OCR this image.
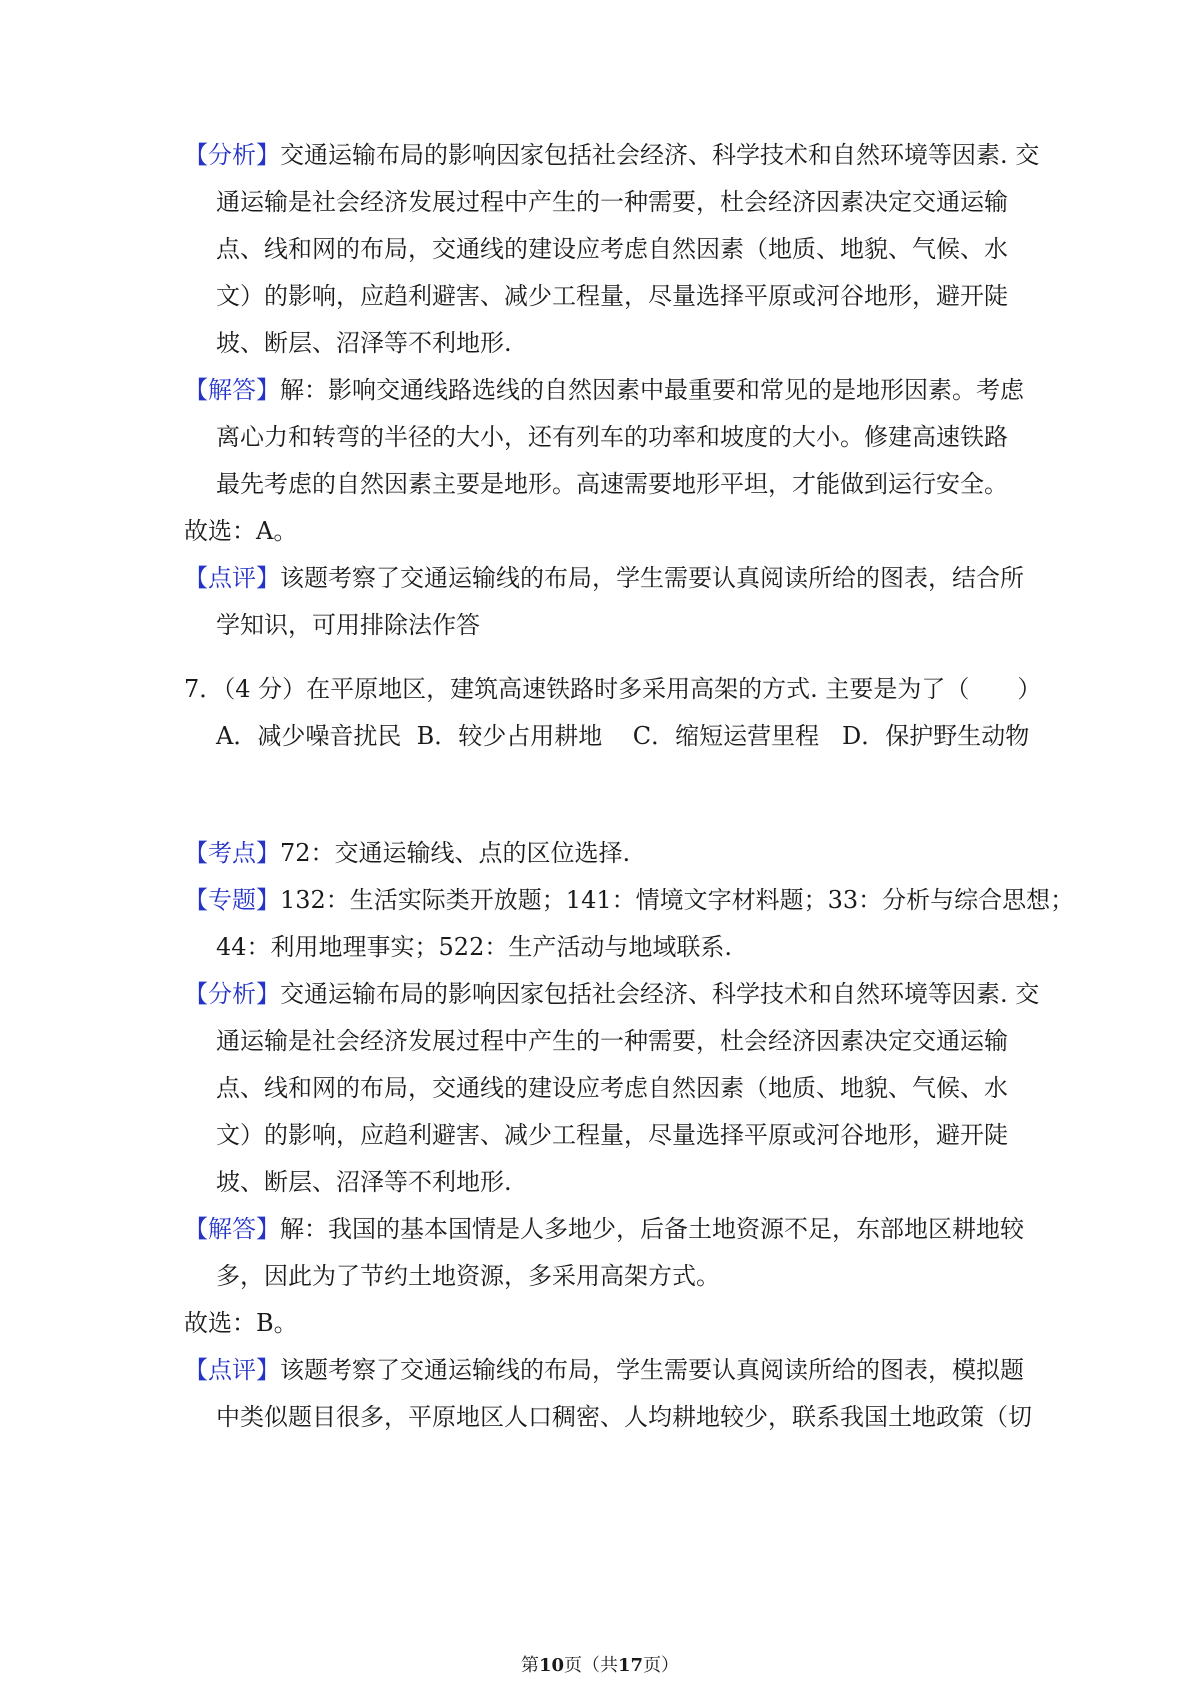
【分析】交通运输布局的影响因家包括社会经济、科学技术和自然环境等因素. 交
通运输是社会经济发展过程中产生的一种需要，杜会经济因素决定交通运输
点、线和网的布局，交通线的建设应考虑自然因素（地质、地貌、气候、水
文）的影响，应趋利避害、减少工程量，尽量选择平原或河谷地形，避开陡
坡、断层、沼泽等不利地形.
【解答】解：影响交通线路选线的自然因素中最重要和常见的是地形因素。考虑
离心力和转弯的半径的大小，还有列车的功率和坡度的大小。修建高速铁路
最先考虑的自然因素主要是地形。高速需要地形平坦，才能做到运行安全。
故选：A。
【点评】该题考察了交通运输线的布局，学生需要认真阅读所给的图表，结合所
学知识，可用排除法作答
7．（4 分）在平原地区，建筑高速铁路时多采用高架的方式. 主要是为了（　　）
A．减少噪音扰民  B．较少占用耕地    C．缩短运营里程   D．保护野生动物
【考点】72：交通运输线、点的区位选择.
【专题】132：生活实际类开放题；141：情境文字材料题；33：分析与综合思想；
44：利用地理事实；522：生产活动与地域联系.
【分析】交通运输布局的影响因家包括社会经济、科学技术和自然环境等因素. 交
通运输是社会经济发展过程中产生的一种需要，杜会经济因素决定交通运输
点、线和网的布局，交通线的建设应考虑自然因素（地质、地貌、气候、水
文）的影响，应趋利避害、减少工程量，尽量选择平原或河谷地形，避开陡
坡、断层、沼泽等不利地形.
【解答】解：我国的基本国情是人多地少，后备土地资源不足，东部地区耕地较
多，因此为了节约土地资源，多采用高架方式。
故选：B。
【点评】该题考察了交通运输线的布局，学生需要认真阅读所给的图表，模拟题
中类似题目很多，平原地区人口稠密、人均耕地较少，联系我国土地政策（切
第10页（共17页）
